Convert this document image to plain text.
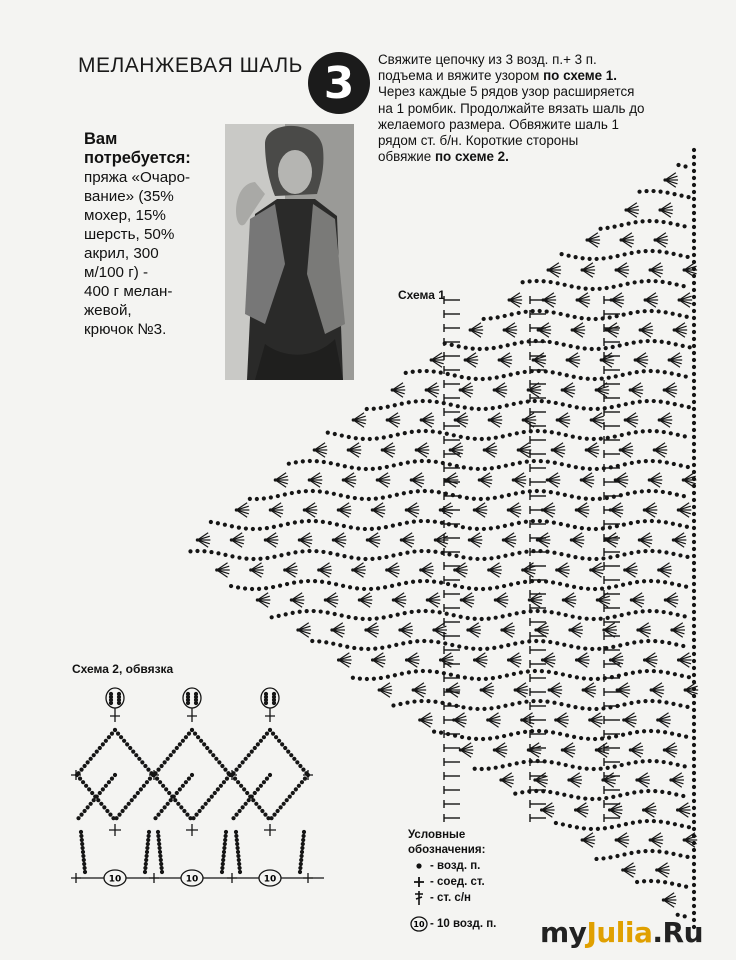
МЕЛАНЖЕВАЯ ШАЛЬ 3	Свяжите цепочку из 3 возд. п.+ 3 п.
подъема и вяжите узором по схеме 1.
Через каждые 5 рядов узор расширяется
на 1 ромбик. Продолжайте вязать шаль до
желаемого размера. Обвяжите шаль 1
рядом ст. б/н. Короткие стороны
обвяжие по схеме 2.
Вам
потребуется:
пряжа «Очаро-
вание» (35%
мохер, 15%
шерсть, 50%
акрил, 300
м/100 г) -
400 г мелан-
жевой,
крючок №3.
Схема 1
Схема 2, обвязка
10	10	10
Условные
обозначения:
- возд. п.
- соед. ст.
- ст. с/н
10 - 10 возд. п. myJulia.Ru
